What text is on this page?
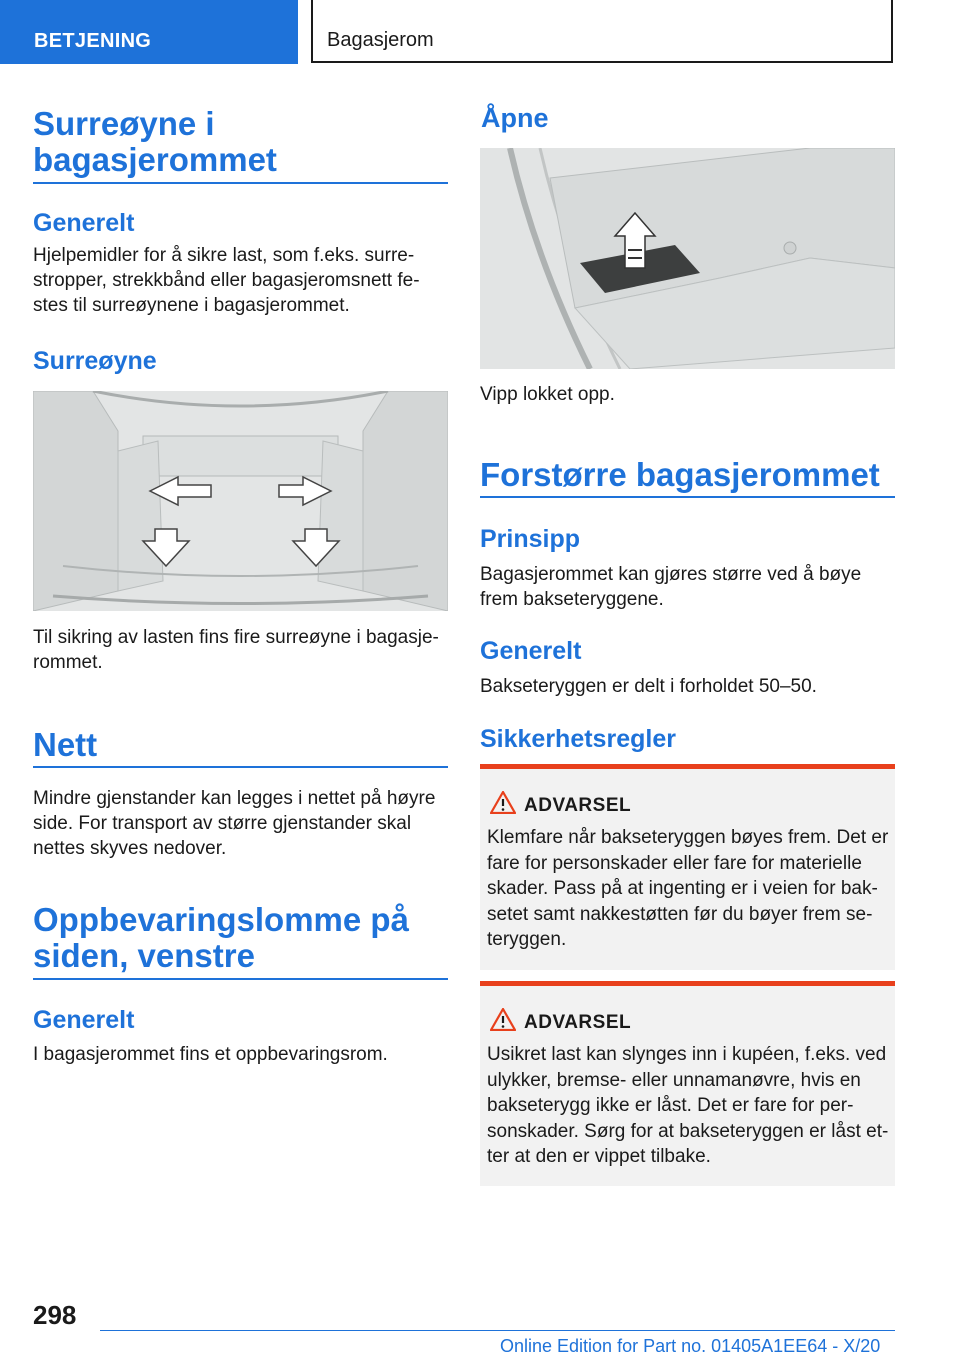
BETJENING	Bagasjerom
Surreøyne i bagasjerommet
Generelt

Hjelpemidler for å sikre last, som f.eks. surrestropper, strekkbånd eller bagasjeromsnett festes til surreøynene i bagasjerommet.

Surreøyne

Til sikring av lasten fins fire surreøyne i bagasjerommet.

Nett

Mindre gjenstander kan legges i nettet på høyre side. For transport av større gjenstander skal nettes skyves nedover.

Oppbevaringslomme på siden, venstre
Generelt

I bagasjerommet fins et oppbevaringsrom.

Åpne

Vipp lokket opp.

Forstørre bagasjerommet
Prinsipp

Bagasjerommet kan gjøres større ved å bøye frem bakseteryggene.

Generelt

Bakseteryggen er delt i forholdet 50–50.

Sikkerhetsregler
ADVARSEL
Klemfare når bakseteryggen bøyes frem. Det er fare for personskader eller fare for materielle skader. Pass på at ingenting er i veien for baksetet samt nakkestøtten før du bøyer frem seteryggen.
ADVARSEL
Usikret last kan slynges inn i kupéen, f.eks. ved ulykker, bremse- eller unnamanøvre, hvis en bakseterygg ikke er låst. Det er fare for personskader. Sørg for at bakseteryggen er låst etter at den er vippet tilbake.
298
Online Edition for Part no. 01405A1EE64 - X/20
